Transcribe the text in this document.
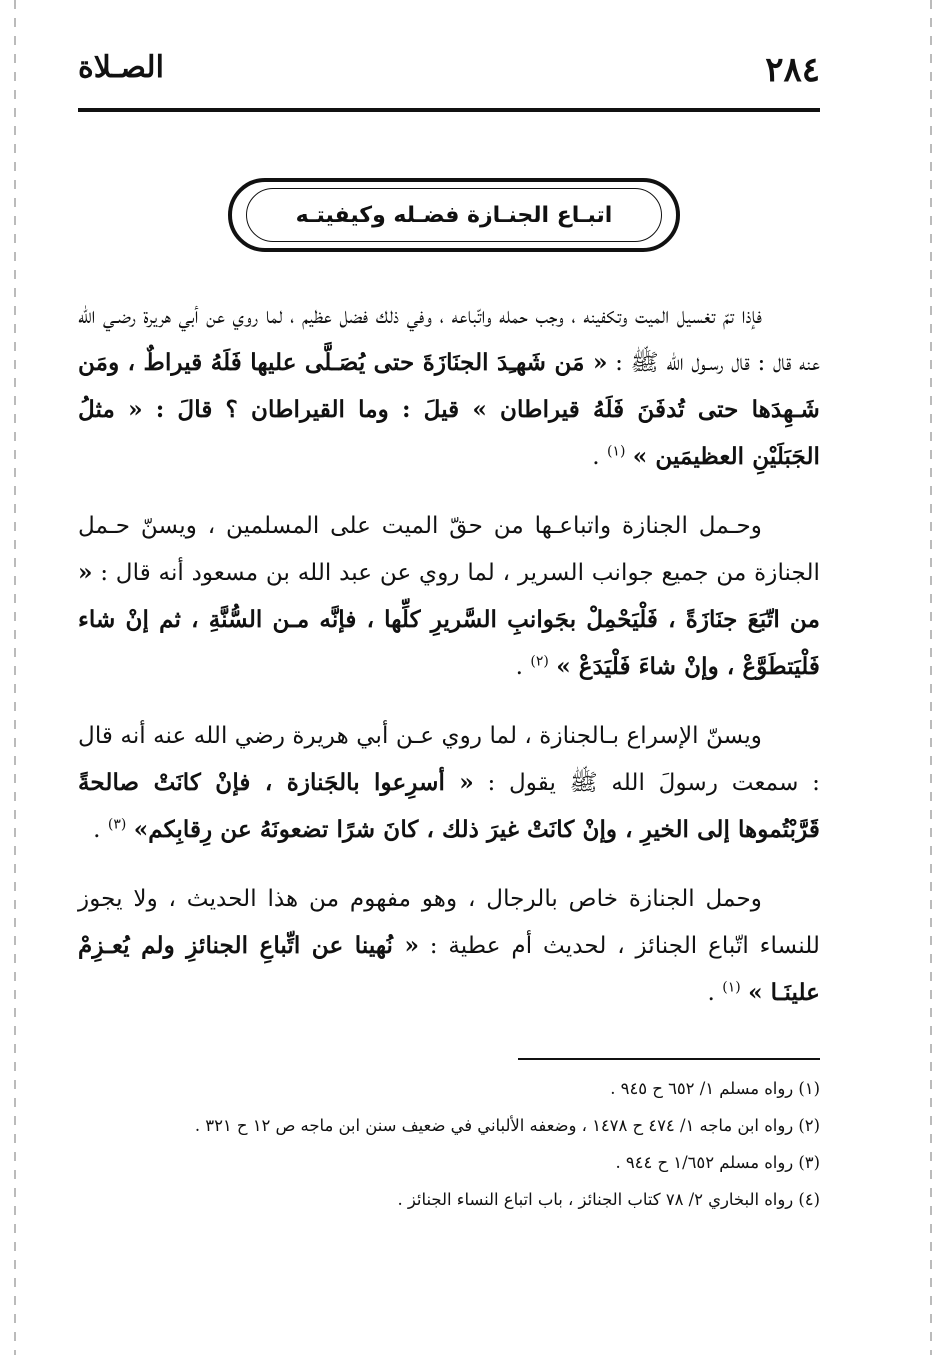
٢٨٤
الصـلاة
اتبـاع الجنـازة فضـله وكيفيتـه

فإذا تمّ تغسيل الميت وتكفينه ، وجب حمله واتّباعه ، وفي ذلك فضل عظيم ، لما روي عن أبي هريرة رضـي الله عنه قال : قال رسـول الله ﷺ : « مَن شَهـِدَ الجنَازَةَ حتى يُصَـلَّى عليها فَلَهُ قيراطٌ ، ومَن شَـهِدَها حتى تُدفَنَ فَلَهُ قيراطان » قيلَ : وما القيراطان ؟ قالَ : « مثلُ الجَبَلَيْنِ العظيمَين » $^{(١)}$ .

وحـمل الجنازة واتباعـها من حقّ الميت على المسلمين ، ويسنّ حـمل الجنازة من جميع جوانب السرير ، لما روي عن عبد الله بن مسعود أنه قال : « من اتّبَعَ جنَازَةً ، فَلْيَحْمِلْ بجَوانبِ السَّريرِ كلِّها ، فإنَّه مـن السُّنَّةِ ، ثم إنْ شاء فَلْيَتطَوَّعْ ، وإنْ شاءَ فَلْيَدَعْ » $^{(٢)}$ .

ويسنّ الإسراع بـالجنازة ، لما روي عـن أبي هريرة رضي الله عنه أنه قال : سمعت رسولَ الله ﷺ يقول : « أسرِعوا بالجَنازة ، فإنْ كانَتْ صالحةً قَرَّبْتُموها إلى الخيرِ ، وإنْ كانَتْ غيرَ ذلك ، كانَ شرًا تضعونَهُ عن رِقابِكم» $^{(٣)}$ .

وحمل الجنازة خاص بالرجال ، وهو مفهوم من هذا الحديث ، ولا يجوز للنساء اتّباع الجنائز ، لحديث أم عطية : « نُهينا عن اتِّباعِ الجنائزِ ولم يُعـزِمْ علينَـا » $^{(١)}$ .

(١) رواه مسلم ١/ ٦٥٢ ح ٩٤٥ .

(٢) رواه ابن ماجه ١/ ٤٧٤ ح ١٤٧٨ ، وضعفه الألباني في ضعيف سنن ابن ماجه ص ١٢ ح ٣٢١ .

(٣) رواه مسلم ١/٦٥٢ ح ٩٤٤ .

(٤) رواه البخاري ٢/ ٧٨ كتاب الجنائز ، باب اتباع النساء الجنائز .
